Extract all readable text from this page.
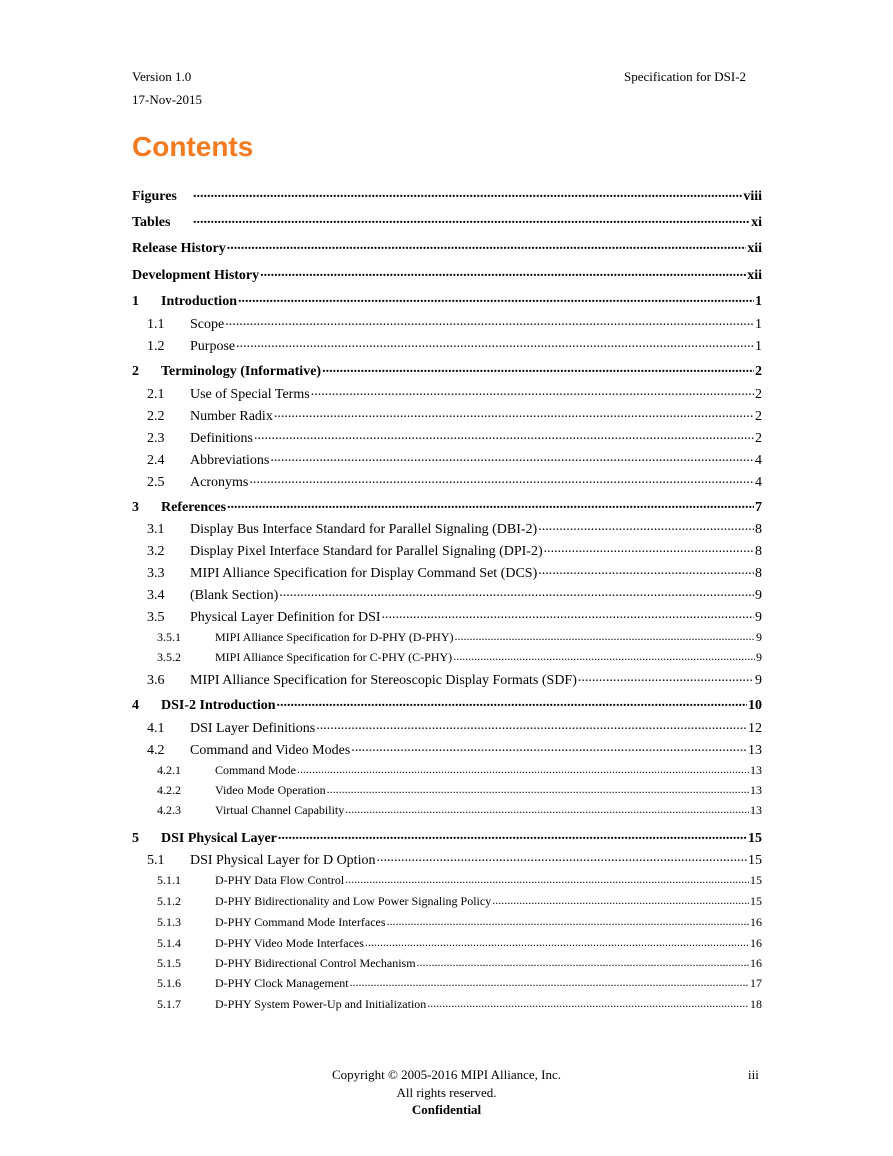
Version 1.0
17-Nov-2015
Specification for DSI-2
Contents
Figures .....	viii
Tables .....	xi
Release History .....	xii
Development History .....	xii
1	Introduction .....	1
1.1	Scope .....	1
1.2	Purpose .....	1
2	Terminology (Informative) .....	2
2.1	Use of Special Terms .....	2
2.2	Number Radix .....	2
2.3	Definitions .....	2
2.4	Abbreviations .....	4
2.5	Acronyms .....	4
3	References .....	7
3.1	Display Bus Interface Standard for Parallel Signaling (DBI-2) .....	8
3.2	Display Pixel Interface Standard for Parallel Signaling (DPI-2) .....	8
3.3	MIPI Alliance Specification for Display Command Set (DCS) .....	8
3.4	(Blank Section) .....	9
3.5	Physical Layer Definition for DSI .....	9
3.5.1	MIPI Alliance Specification for D-PHY (D-PHY) .....	9
3.5.2	MIPI Alliance Specification for C-PHY (C-PHY) .....	9
3.6	MIPI Alliance Specification for Stereoscopic Display Formats (SDF) .....	9
4	DSI-2 Introduction .....	10
4.1	DSI Layer Definitions .....	12
4.2	Command and Video Modes .....	13
4.2.1	Command Mode .....	13
4.2.2	Video Mode Operation .....	13
4.2.3	Virtual Channel Capability .....	13
5	DSI Physical Layer .....	15
5.1	DSI Physical Layer for D Option .....	15
5.1.1	D-PHY Data Flow Control .....	15
5.1.2	D-PHY Bidirectionality and Low Power Signaling Policy .....	15
5.1.3	D-PHY Command Mode Interfaces .....	16
5.1.4	D-PHY Video Mode Interfaces .....	16
5.1.5	D-PHY Bidirectional Control Mechanism .....	16
5.1.6	D-PHY Clock Management .....	17
5.1.7	D-PHY System Power-Up and Initialization .....	18
Copyright © 2005-2016 MIPI Alliance, Inc.
All rights reserved.
Confidential
iii
